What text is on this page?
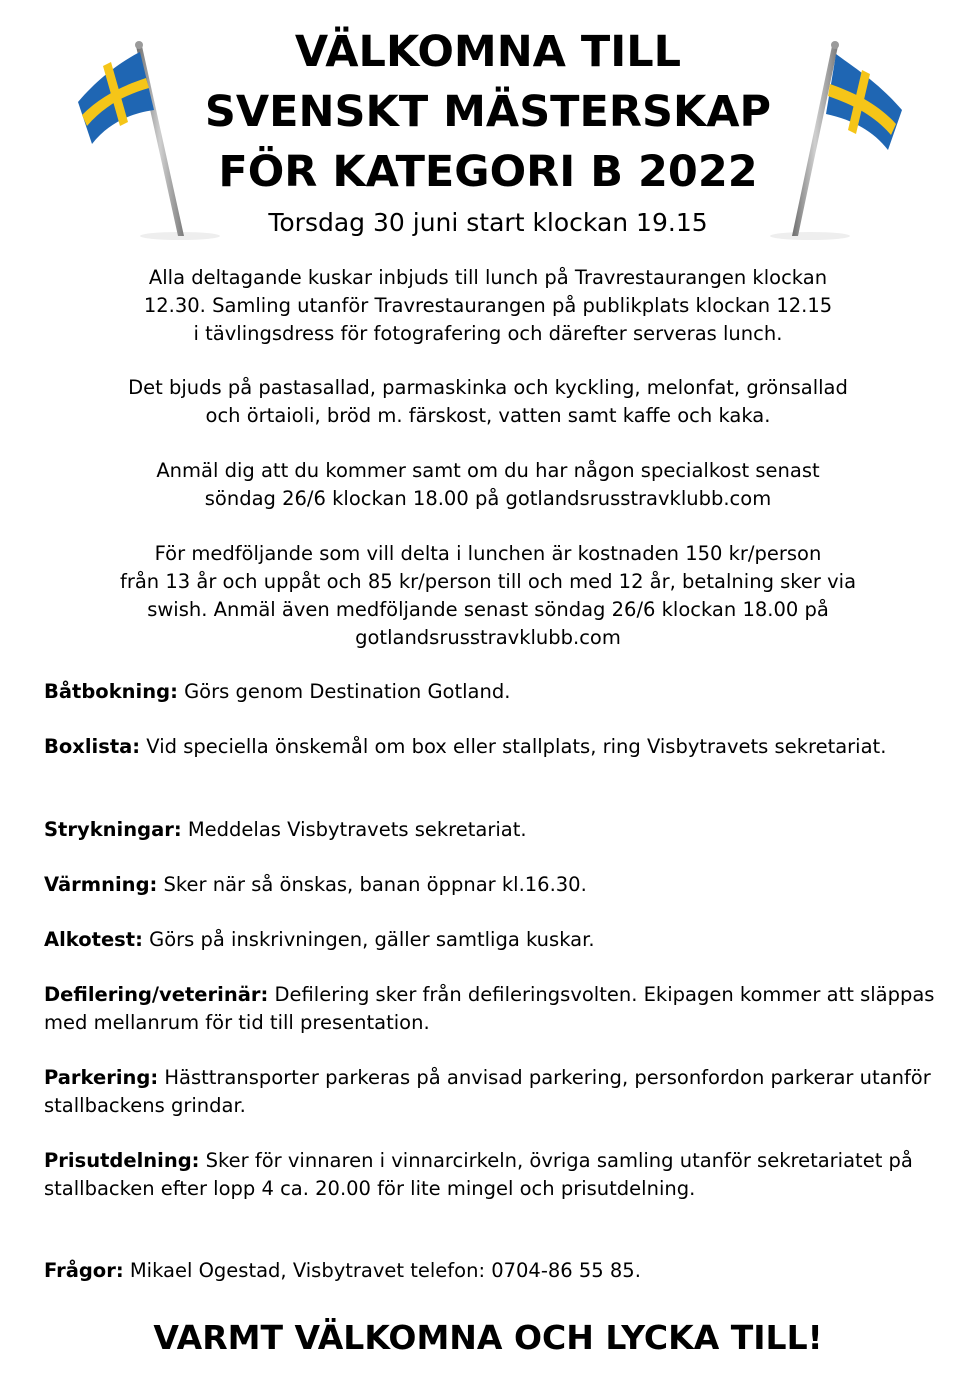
VÄLKOMNA TILL
SVENSKT MÄSTERSKAP
FÖR KATEGORI B 2022

Torsdag 30 juni start klockan 19.15

Alla deltagande kuskar inbjuds till lunch på Travrestaurangen klockan
12.30. Samling utanför Travrestaurangen på publikplats klockan 12.15
i tävlingsdress för fotografering och därefter serveras lunch.

Det bjuds på pastasallad, parmaskinka och kyckling, melonfat, grönsallad
och örtaioli, bröd m. färskost, vatten samt kaffe och kaka.

Anmäl dig att du kommer samt om du har någon specialkost senast
söndag 26/6 klockan 18.00 på gotlandsrusstravklubb.com

För medföljande som vill delta i lunchen är kostnaden 150 kr/person
från 13 år och uppåt och 85 kr/person till och med 12 år, betalning sker via
swish. Anmäl även medföljande senast söndag 26/6 klockan 18.00 på
gotlandsrusstravklubb.com

Båtbokning: Görs genom Destination Gotland.

Boxlista: Vid speciella önskemål om box eller stallplats, ring Visbytravets sekretariat.

Strykningar: Meddelas Visbytravets sekretariat.

Värmning: Sker när så önskas, banan öppnar kl.16.30.

Alkotest: Görs på inskrivningen, gäller samtliga kuskar.

Defilering/veterinär: Defilering sker från defileringsvolten. Ekipagen kommer att släppas med mellanrum för tid till presentation.

Parkering: Hästtransporter parkeras på anvisad parkering, personfordon parkerar utanför stallbackens grindar.

Prisutdelning: Sker för vinnaren i vinnarcirkeln, övriga samling utanför sekretariatet på stallbacken efter lopp 4 ca. 20.00 för lite mingel och prisutdelning.

Frågor: Mikael Ogestad, Visbytravet telefon: 0704-86 55 85.

VARMT VÄLKOMNA OCH LYCKA TILL!
